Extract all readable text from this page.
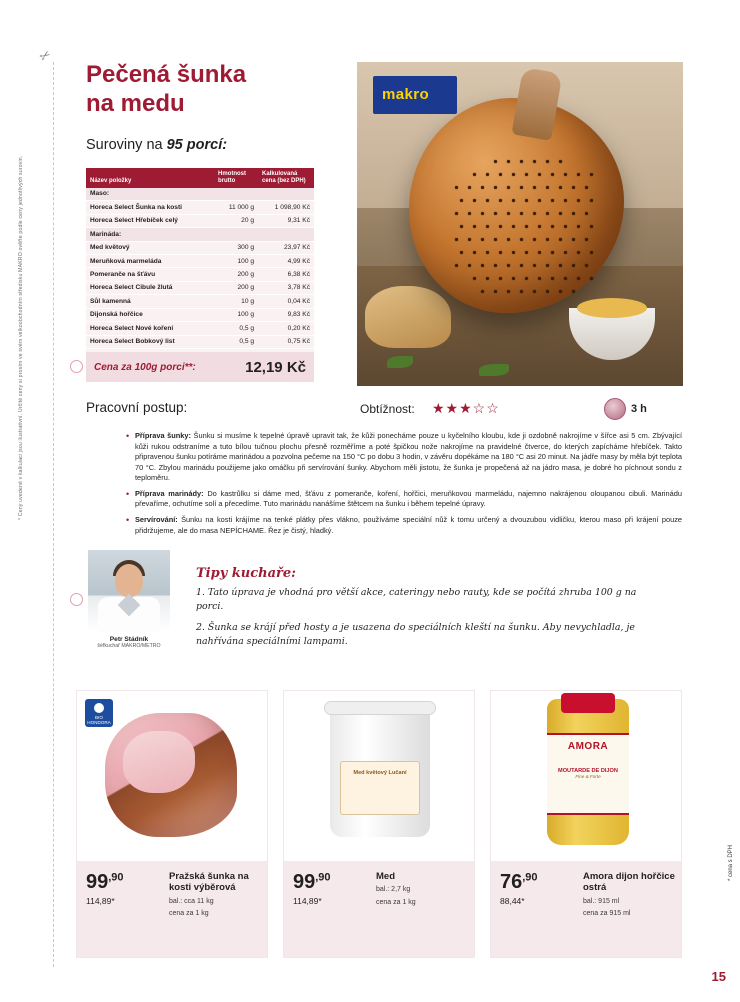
✂
* Ceny uvedené v kalkulaci jsou ilustrativní. Určité ceny si prosím ve svém velkoobchodním středisku MAKRO ověřte podle ceny jednotlivých surovin.
Pečená šunka
na medu
Suroviny na 95 porcí:
makro
Název položky	Hmotnost brutto	Kalkulovaná cena (bez DPH)
Maso:		
Horeca Select Šunka na kosti	11 000 g	1 098,90 Kč
Horeca Select Hřebíček celý	20 g	9,31 Kč
Marináda:		
Med květový	300 g	23,97 Kč
Meruňková marmeláda	100 g	4,99 Kč
Pomeranče na šťávu	200 g	6,38 Kč
Horeca Select Cibule žlutá	200 g	3,78 Kč
Sůl kamenná	10 g	0,04 Kč
Dijonská hořčice	100 g	9,83 Kč
Horeca Select Nové koření	0,5 g	0,20 Kč
Horeca Select Bobkový list	0,5 g	0,75 Kč

Cena za 100g porci**:	12,19 Kč
Pracovní postup:	Obtížnost: ★★★☆☆	3 h
• Příprava šunky: Šunku si musíme k tepelné úpravě upravit tak, že kůži ponecháme pouze u kyčelního kloubu, kde ji ozdobně nakrojíme v šířce asi 5 cm. Zbývající kůži rukou odstraníme a tuto bílou tučnou plochu přesně rozměříme a poté špičkou nože nakrojíme na pravidelné čtverce, do kterých zapícháme hřebíček. Takto připravenou šunku potíráme marinádou a pozvolna pečeme na 150 °C po dobu 3 hodin, v závěru dopékáme na 180 °C asi 20 minut. Na jádře masy by měla být teplota 70 °C. Zbylou marinádu použijeme jako omáčku při servírování šunky. Abychom měli jistotu, že šunka je propečená až na jádro masa, je dobré ho píchnout sondu z teploměru.
• Příprava marinády: Do kastrůlku si dáme med, šťávu z pomeranče, koření, hořčici, meruňkovou marmeládu, najemno nakrájenou oloupanou cibuli. Marinádu převaříme, ochutíme solí a přecedíme. Tuto marinádu nanášíme štětcem na šunku i během tepelné úpravy.
• Servírování: Šunku na kosti krájíme na tenké plátky přes vlákno, používáme speciální nůž k tomu určený a dvouzubou vidličku, kterou maso při krájení pouze přidržujeme, ale do masa NEPÍCHAME. Řez je čistý, hladký.
Petr Stádník
šéfkuchař MAKRO/METRO
Tipy kuchaře:
1. Tato úprava je vhodná pro větší akce, cateringy nebo rauty, kde se počítá zhruba 100 g na porci.
2. Šunka se krájí před hosty a je usazena do speciálních kleští na šunku. Aby nevychladla, je nahřívána speciálními lampami.
BIO HONDORA
$99^{,90}$
114,89*
Pražská šunka na kosti výběrová
bal.: cca 11 kg
cena za 1 kg
Med květový Lučaní
$99^{,90}$
114,89*
Med
bal.: 2,7 kg
cena za 1 kg
AMORA
MOUTARDE DE DIJON
Fine & Forte
$76^{,90}$
88,44*
Amora dijon hořčice ostrá
bal.: 915 ml
cena za 915 ml
* cena s DPH
15
